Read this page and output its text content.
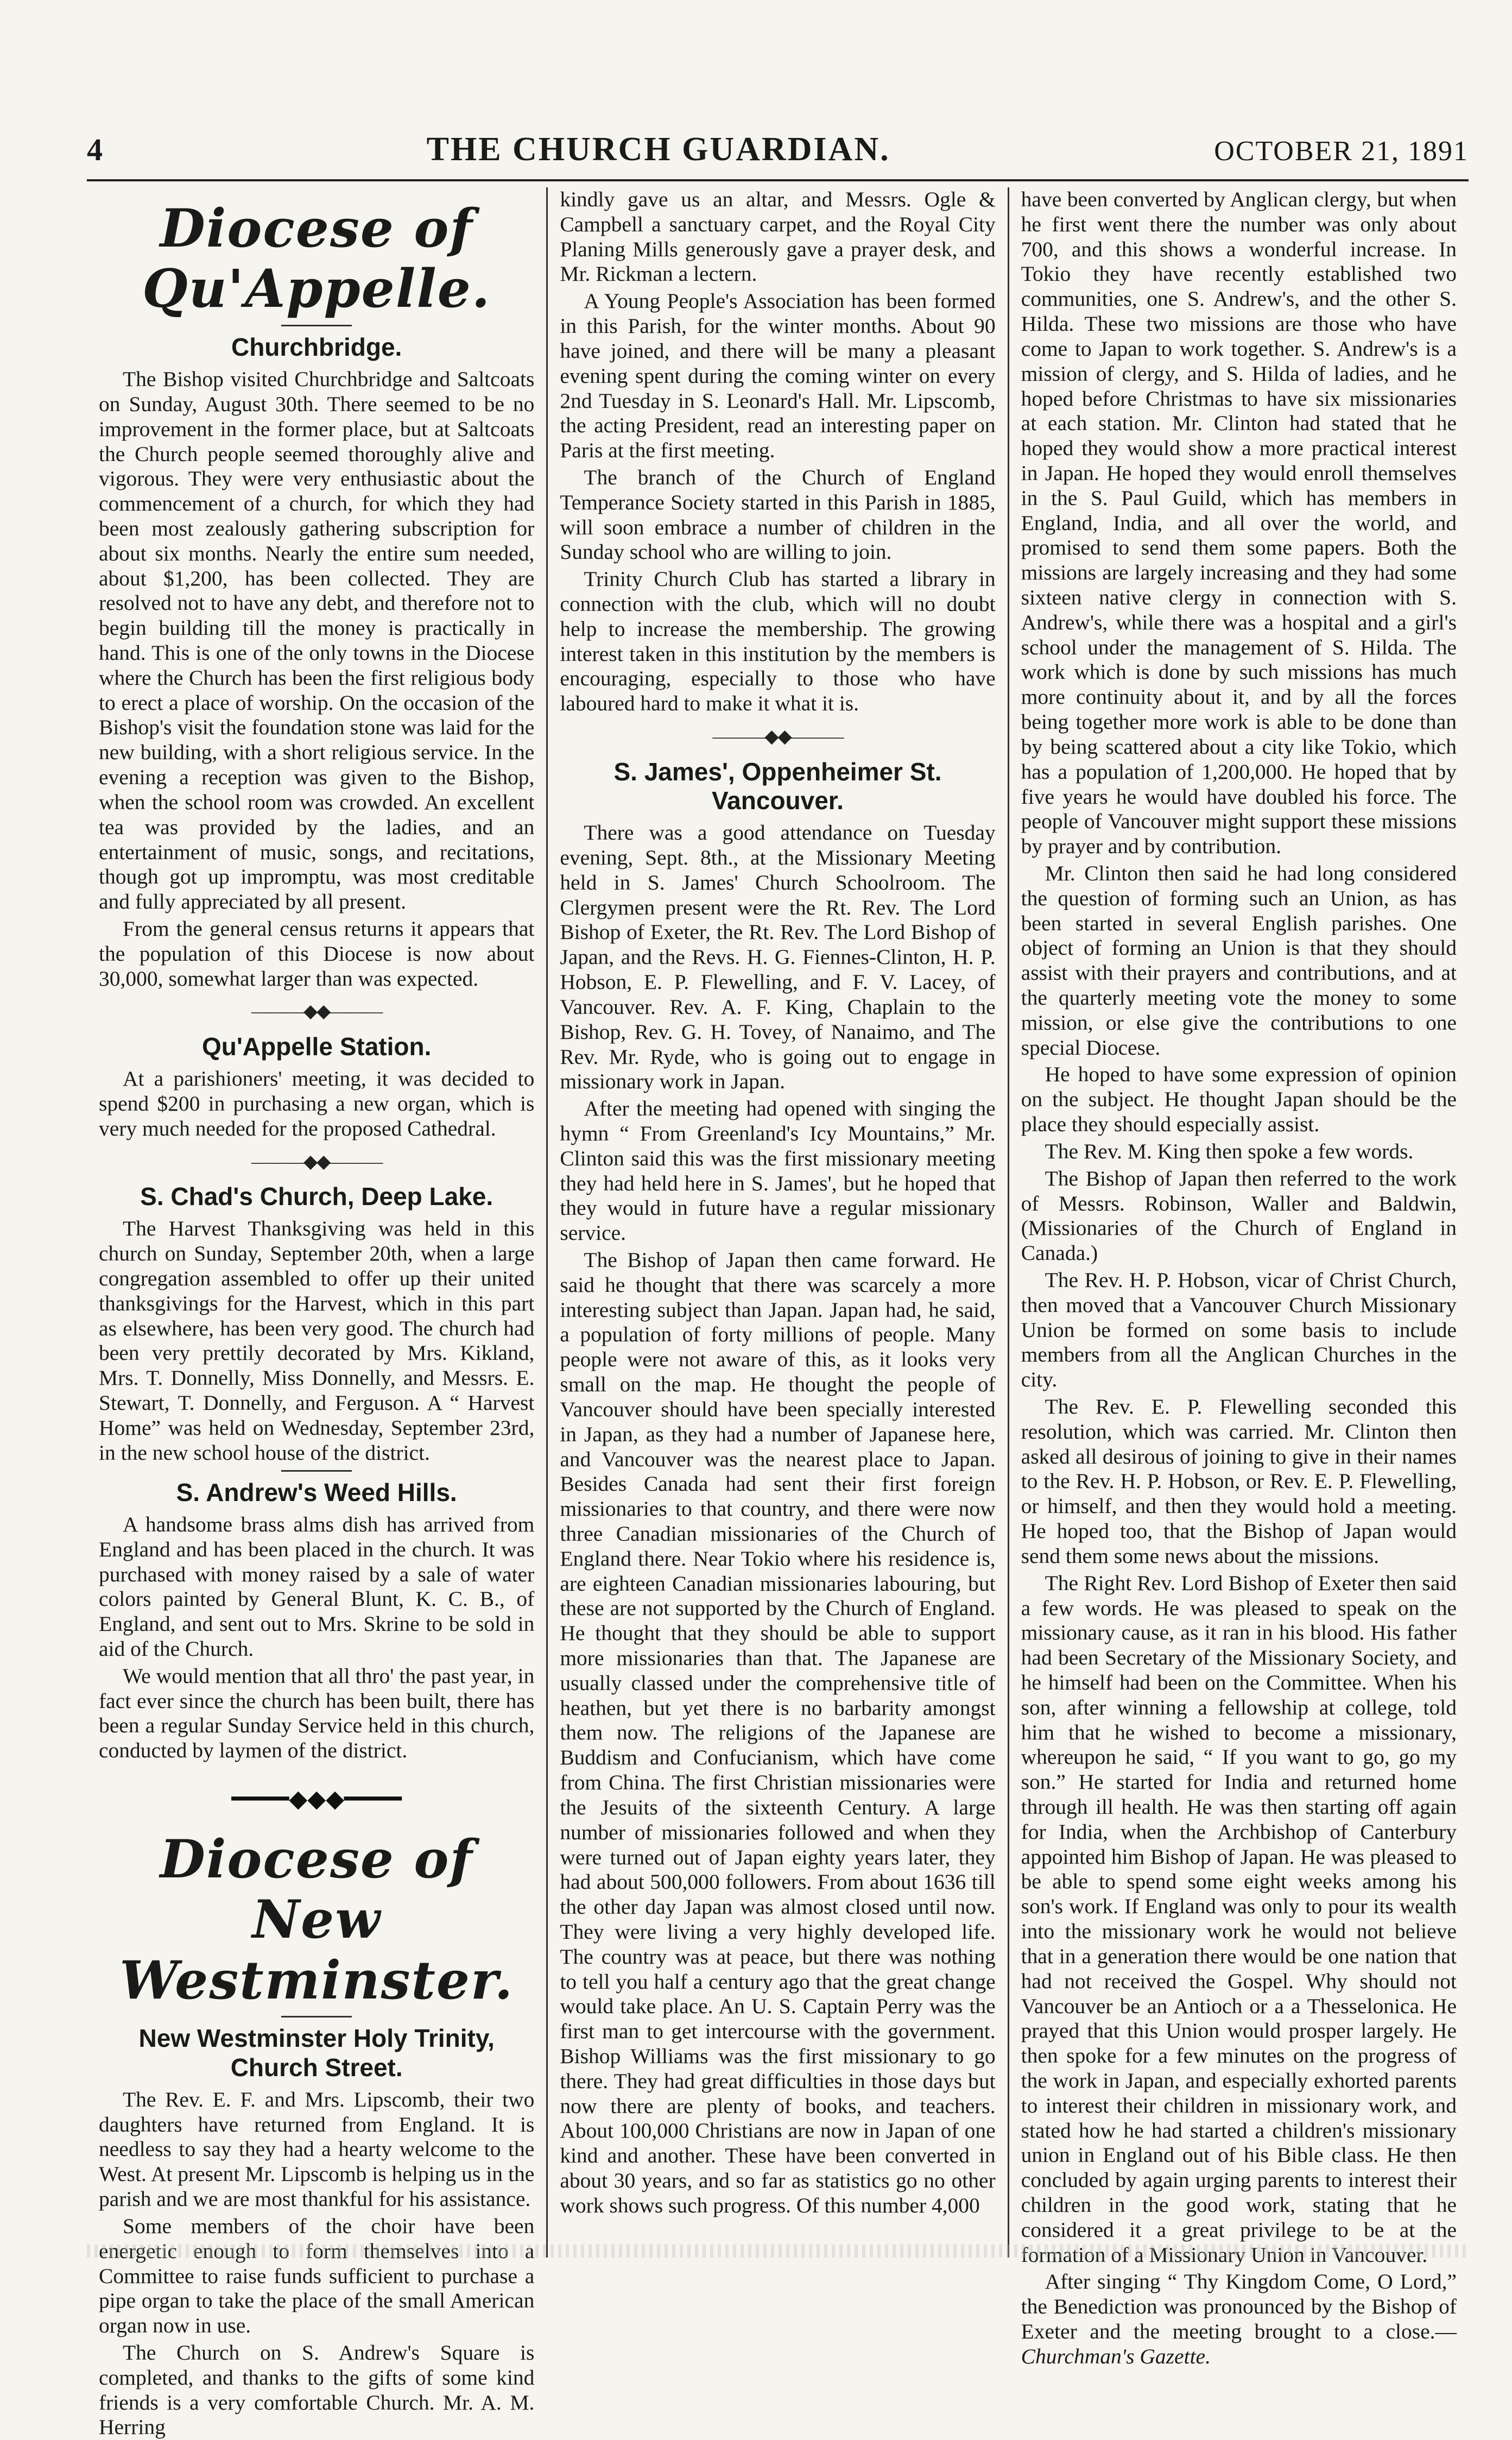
4	THE CHURCH GUARDIAN.	OCTOBER 21, 1891
Diocese of Qu'Appelle.
Churchbridge.

The Bishop visited Churchbridge and Saltcoats on Sunday, August 30th. There seemed to be no improvement in the former place, but at Saltcoats the Church people seemed thoroughly alive and vigorous. They were very enthusiastic about the commencement of a church, for which they had been most zealously gathering subscription for about six months. Nearly the entire sum needed, about $1,200, has been collected. They are resolved not to have any debt, and therefore not to begin building till the money is practically in hand. This is one of the only towns in the Diocese where the Church has been the first religious body to erect a place of worship. On the occasion of the Bishop's visit the foundation stone was laid for the new building, with a short religious service. In the evening a reception was given to the Bishop, when the school room was crowded. An excellent tea was provided by the ladies, and an entertainment of music, songs, and recitations, though got up impromptu, was most creditable and fully appreciated by all present.

From the general census returns it appears that the population of this Diocese is now about 30,000, somewhat larger than was expected.

―――◆◆―――
Qu'Appelle Station.

At a parishioners' meeting, it was decided to spend $200 in purchasing a new organ, which is very much needed for the proposed Cathedral.

―――◆◆―――
S. Chad's Church, Deep Lake.

The Harvest Thanksgiving was held in this church on Sunday, September 20th, when a large congregation assembled to offer up their united thanksgivings for the Harvest, which in this part as elsewhere, has been very good. The church had been very prettily decorated by Mrs. Kikland, Mrs. T. Donnelly, Miss Donnelly, and Messrs. E. Stewart, T. Donnelly, and Ferguson. A “ Harvest Home” was held on Wednesday, September 23rd, in the new school house of the district.

S. Andrew's Weed Hills.

A handsome brass alms dish has arrived from England and has been placed in the church. It was purchased with money raised by a sale of water colors painted by General Blunt, K. C. B., of England, and sent out to Mrs. Skrine to be sold in aid of the Church.

We would mention that all thro' the past year, in fact ever since the church has been built, there has been a regular Sunday Service held in this church, conducted by laymen of the district.

━━━━◆◆◆━━━━
Diocese of New Westminster.
New Westminster Holy Trinity, Church Street.

The Rev. E. F. and Mrs. Lipscomb, their two daughters have returned from England. It is needless to say they had a hearty welcome to the West. At present Mr. Lipscomb is helping us in the parish and we are most thankful for his assistance.

Some members of the choir have been energetic enough to form themselves into a Committee to raise funds sufficient to purchase a pipe organ to take the place of the small American organ now in use.

The Church on S. Andrew's Square is completed, and thanks to the gifts of some kind friends is a very comfortable Church. Mr. A. M. Herring

kindly gave us an altar, and Messrs. Ogle & Campbell a sanctuary carpet, and the Royal City Planing Mills generously gave a prayer desk, and Mr. Rickman a lectern.

A Young People's Association has been formed in this Parish, for the winter months. About 90 have joined, and there will be many a pleasant evening spent during the coming winter on every 2nd Tuesday in S. Leonard's Hall. Mr. Lipscomb, the acting President, read an interesting paper on Paris at the first meeting.

The branch of the Church of England Temperance Society started in this Parish in 1885, will soon embrace a number of children in the Sunday school who are willing to join.

Trinity Church Club has started a library in connection with the club, which will no doubt help to increase the membership. The growing interest taken in this institution by the members is encouraging, especially to those who have laboured hard to make it what it is.

―――◆◆―――
S. James', Oppenheimer St. Vancouver.

There was a good attendance on Tuesday evening, Sept. 8th., at the Missionary Meeting held in S. James' Church Schoolroom. The Clergymen present were the Rt. Rev. The Lord Bishop of Exeter, the Rt. Rev. The Lord Bishop of Japan, and the Revs. H. G. Fiennes-Clinton, H. P. Hobson, E. P. Flewelling, and F. V. Lacey, of Vancouver. Rev. A. F. King, Chaplain to the Bishop, Rev. G. H. Tovey, of Nanaimo, and The Rev. Mr. Ryde, who is going out to engage in missionary work in Japan.

After the meeting had opened with singing the hymn “ From Greenland's Icy Mountains,” Mr. Clinton said this was the first missionary meeting they had held here in S. James', but he hoped that they would in future have a regular missionary service.

The Bishop of Japan then came forward. He said he thought that there was scarcely a more interesting subject than Japan. Japan had, he said, a population of forty millions of people. Many people were not aware of this, as it looks very small on the map. He thought the people of Vancouver should have been specially interested in Japan, as they had a number of Japanese here, and Vancouver was the nearest place to Japan. Besides Canada had sent their first foreign missionaries to that country, and there were now three Canadian missionaries of the Church of England there. Near Tokio where his residence is, are eighteen Canadian missionaries labouring, but these are not supported by the Church of England. He thought that they should be able to support more missionaries than that. The Japanese are usually classed under the comprehensive title of heathen, but yet there is no barbarity amongst them now. The religions of the Japanese are Buddism and Confucianism, which have come from China. The first Christian missionaries were the Jesuits of the sixteenth Century. A large number of missionaries followed and when they were turned out of Japan eighty years later, they had about 500,000 followers. From about 1636 till the other day Japan was almost closed until now. They were living a very highly developed life. The country was at peace, but there was nothing to tell you half a century ago that the great change would take place. An U. S. Captain Perry was the first man to get intercourse with the government. Bishop Williams was the first missionary to go there. They had great difficulties in those days but now there are plenty of books, and teachers. About 100,000 Christians are now in Japan of one kind and another. These have been converted in about 30 years, and so far as statistics go no other work shows such progress. Of this number 4,000

have been converted by Anglican clergy, but when he first went there the number was only about 700, and this shows a wonderful increase. In Tokio they have recently established two communities, one S. Andrew's, and the other S. Hilda. These two missions are those who have come to Japan to work together. S. Andrew's is a mission of clergy, and S. Hilda of ladies, and he hoped before Christmas to have six missionaries at each station. Mr. Clinton had stated that he hoped they would show a more practical interest in Japan. He hoped they would enroll themselves in the S. Paul Guild, which has members in England, India, and all over the world, and promised to send them some papers. Both the missions are largely increasing and they had some sixteen native clergy in connection with S. Andrew's, while there was a hospital and a girl's school under the management of S. Hilda. The work which is done by such missions has much more continuity about it, and by all the forces being together more work is able to be done than by being scattered about a city like Tokio, which has a population of 1,200,000. He hoped that by five years he would have doubled his force. The people of Vancouver might support these missions by prayer and by contribution.

Mr. Clinton then said he had long considered the question of forming such an Union, as has been started in several English parishes. One object of forming an Union is that they should assist with their prayers and contributions, and at the quarterly meeting vote the money to some mission, or else give the contributions to one special Diocese.

He hoped to have some expression of opinion on the subject. He thought Japan should be the place they should especially assist.

The Rev. M. King then spoke a few words.

The Bishop of Japan then referred to the work of Messrs. Robinson, Waller and Baldwin, (Missionaries of the Church of England in Canada.)

The Rev. H. P. Hobson, vicar of Christ Church, then moved that a Vancouver Church Missionary Union be formed on some basis to include members from all the Anglican Churches in the city.

The Rev. E. P. Flewelling seconded this resolution, which was carried. Mr. Clinton then asked all desirous of joining to give in their names to the Rev. H. P. Hobson, or Rev. E. P. Flewelling, or himself, and then they would hold a meeting. He hoped too, that the Bishop of Japan would send them some news about the missions.

The Right Rev. Lord Bishop of Exeter then said a few words. He was pleased to speak on the missionary cause, as it ran in his blood. His father had been Secretary of the Missionary Society, and he himself had been on the Committee. When his son, after winning a fellowship at college, told him that he wished to become a missionary, whereupon he said, “ If you want to go, go my son.” He started for India and returned home through ill health. He was then starting off again for India, when the Archbishop of Canterbury appointed him Bishop of Japan. He was pleased to be able to spend some eight weeks among his son's work. If England was only to pour its wealth into the missionary work he would not believe that in a generation there would be one nation that had not received the Gospel. Why should not Vancouver be an Antioch or a a Thesselonica. He prayed that this Union would prosper largely. He then spoke for a few minutes on the progress of the work in Japan, and especially exhorted parents to interest their children in missionary work, and stated how he had started a children's missionary union in England out of his Bible class. He then concluded by again urging parents to interest their children in the good work, stating that he considered it a great privilege to be at the formation of a Missionary Union in Vancouver.

After singing “ Thy Kingdom Come, O Lord,” the Benediction was pronounced by the Bishop of Exeter and the meeting brought to a close.— Churchman's Gazette.
